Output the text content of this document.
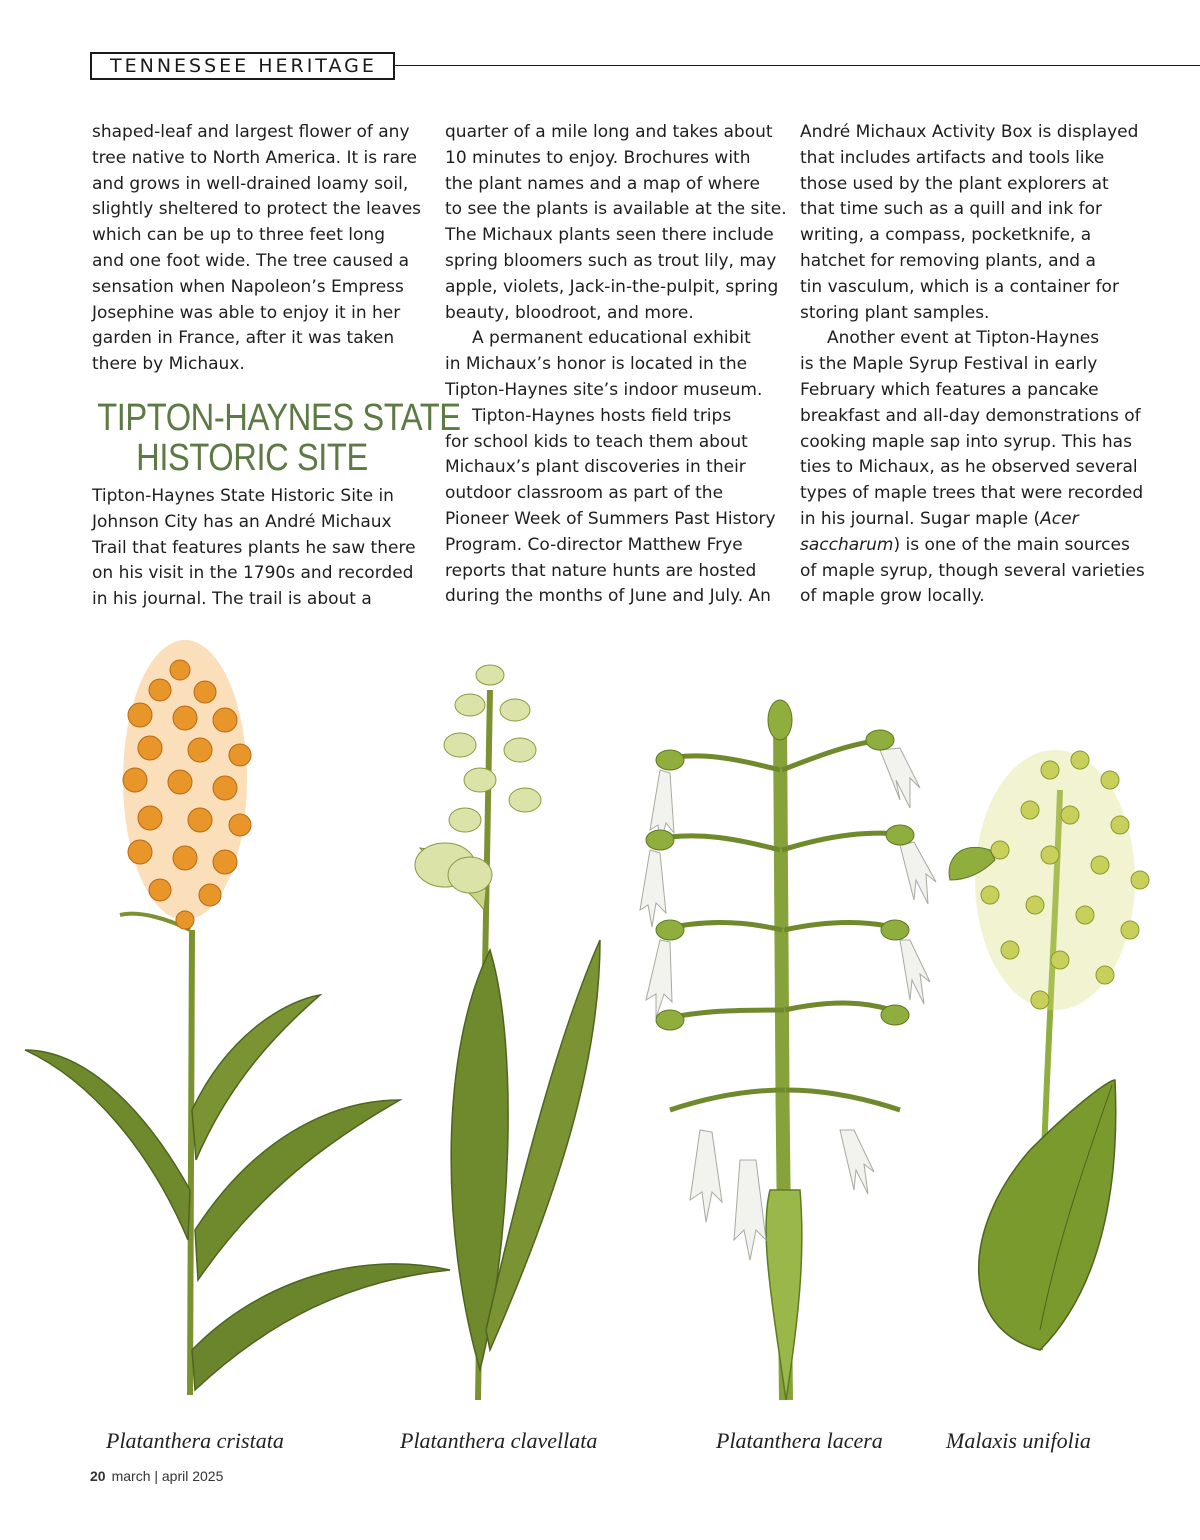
TENNESSEE HERITAGE

shaped-leaf and largest flower of any
tree native to North America. It is rare
and grows in well-drained loamy soil,
slightly sheltered to protect the leaves
which can be up to three feet long
and one foot wide. The tree caused a
sensation when Napoleon’s Empress
Josephine was able to enjoy it in her
garden in France, after it was taken
there by Michaux.

TIPTON-HAYNES STATE
HISTORIC SITE

Tipton-Haynes State Historic Site in
Johnson City has an André Michaux
Trail that features plants he saw there
on his visit in the 1790s and recorded
in his journal. The trail is about a

quarter of a mile long and takes about
10 minutes to enjoy. Brochures with
the plant names and a map of where
to see the plants is available at the site.
The Michaux plants seen there include
spring bloomers such as trout lily, may
apple, violets, Jack-in-the-pulpit, spring
beauty, bloodroot, and more.

A permanent educational exhibit
in Michaux’s honor is located in the
Tipton-Haynes site’s indoor museum.

Tipton-Haynes hosts field trips
for school kids to teach them about
Michaux’s plant discoveries in their
outdoor classroom as part of the
Pioneer Week of Summers Past History
Program. Co-director Matthew Frye
reports that nature hunts are hosted
during the months of June and July. An

André Michaux Activity Box is displayed
that includes artifacts and tools like
those used by the plant explorers at
that time such as a quill and ink for
writing, a compass, pocketknife, a
hatchet for removing plants, and a
tin vasculum, which is a container for
storing plant samples.

Another event at Tipton-Haynes
is the Maple Syrup Festival in early
February which features a pancake
breakfast and all-day demonstrations of
cooking maple sap into syrup. This has
ties to Michaux, as he observed several
types of maple trees that were recorded
in his journal. Sugar maple (Acer
saccharum) is one of the main sources
of maple syrup, though several varieties
of maple grow locally.

Platanthera cristata	Platanthera clavellata	Platanthera lacera	Malaxis unifolia
20 march | april 2025
